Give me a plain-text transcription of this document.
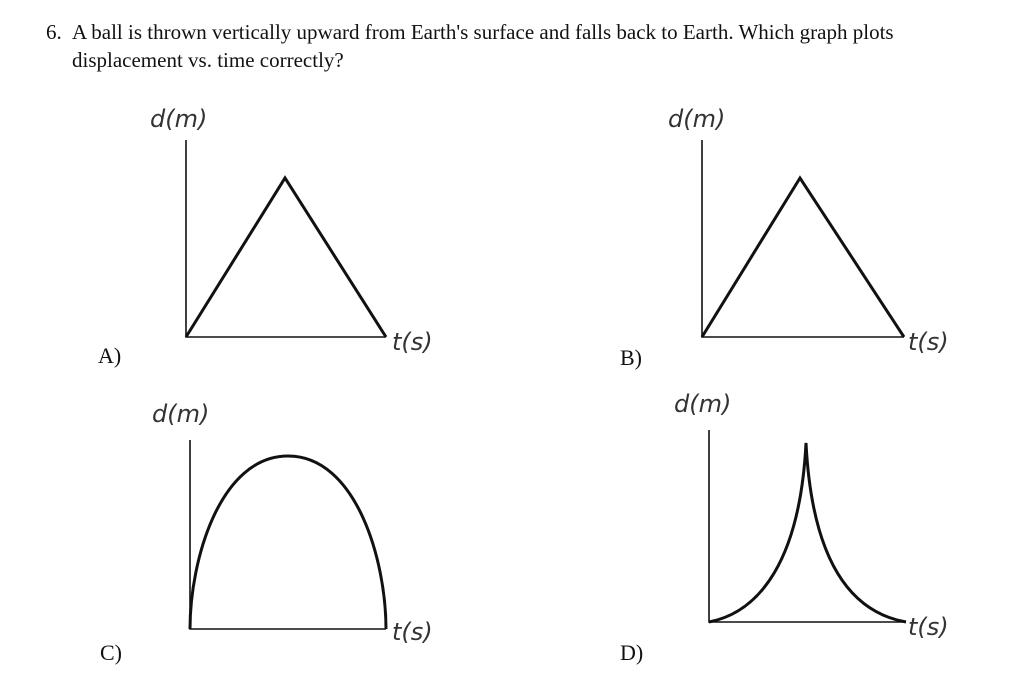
6. A ball is thrown vertically upward from Earth's surface and falls back to Earth. Which graph plots displacement vs. time correctly?

d(m)
t(s)
d(m)
t(s)
d(m)
t(s)
d(m)
t(s)

A)	B)

C)	D)
